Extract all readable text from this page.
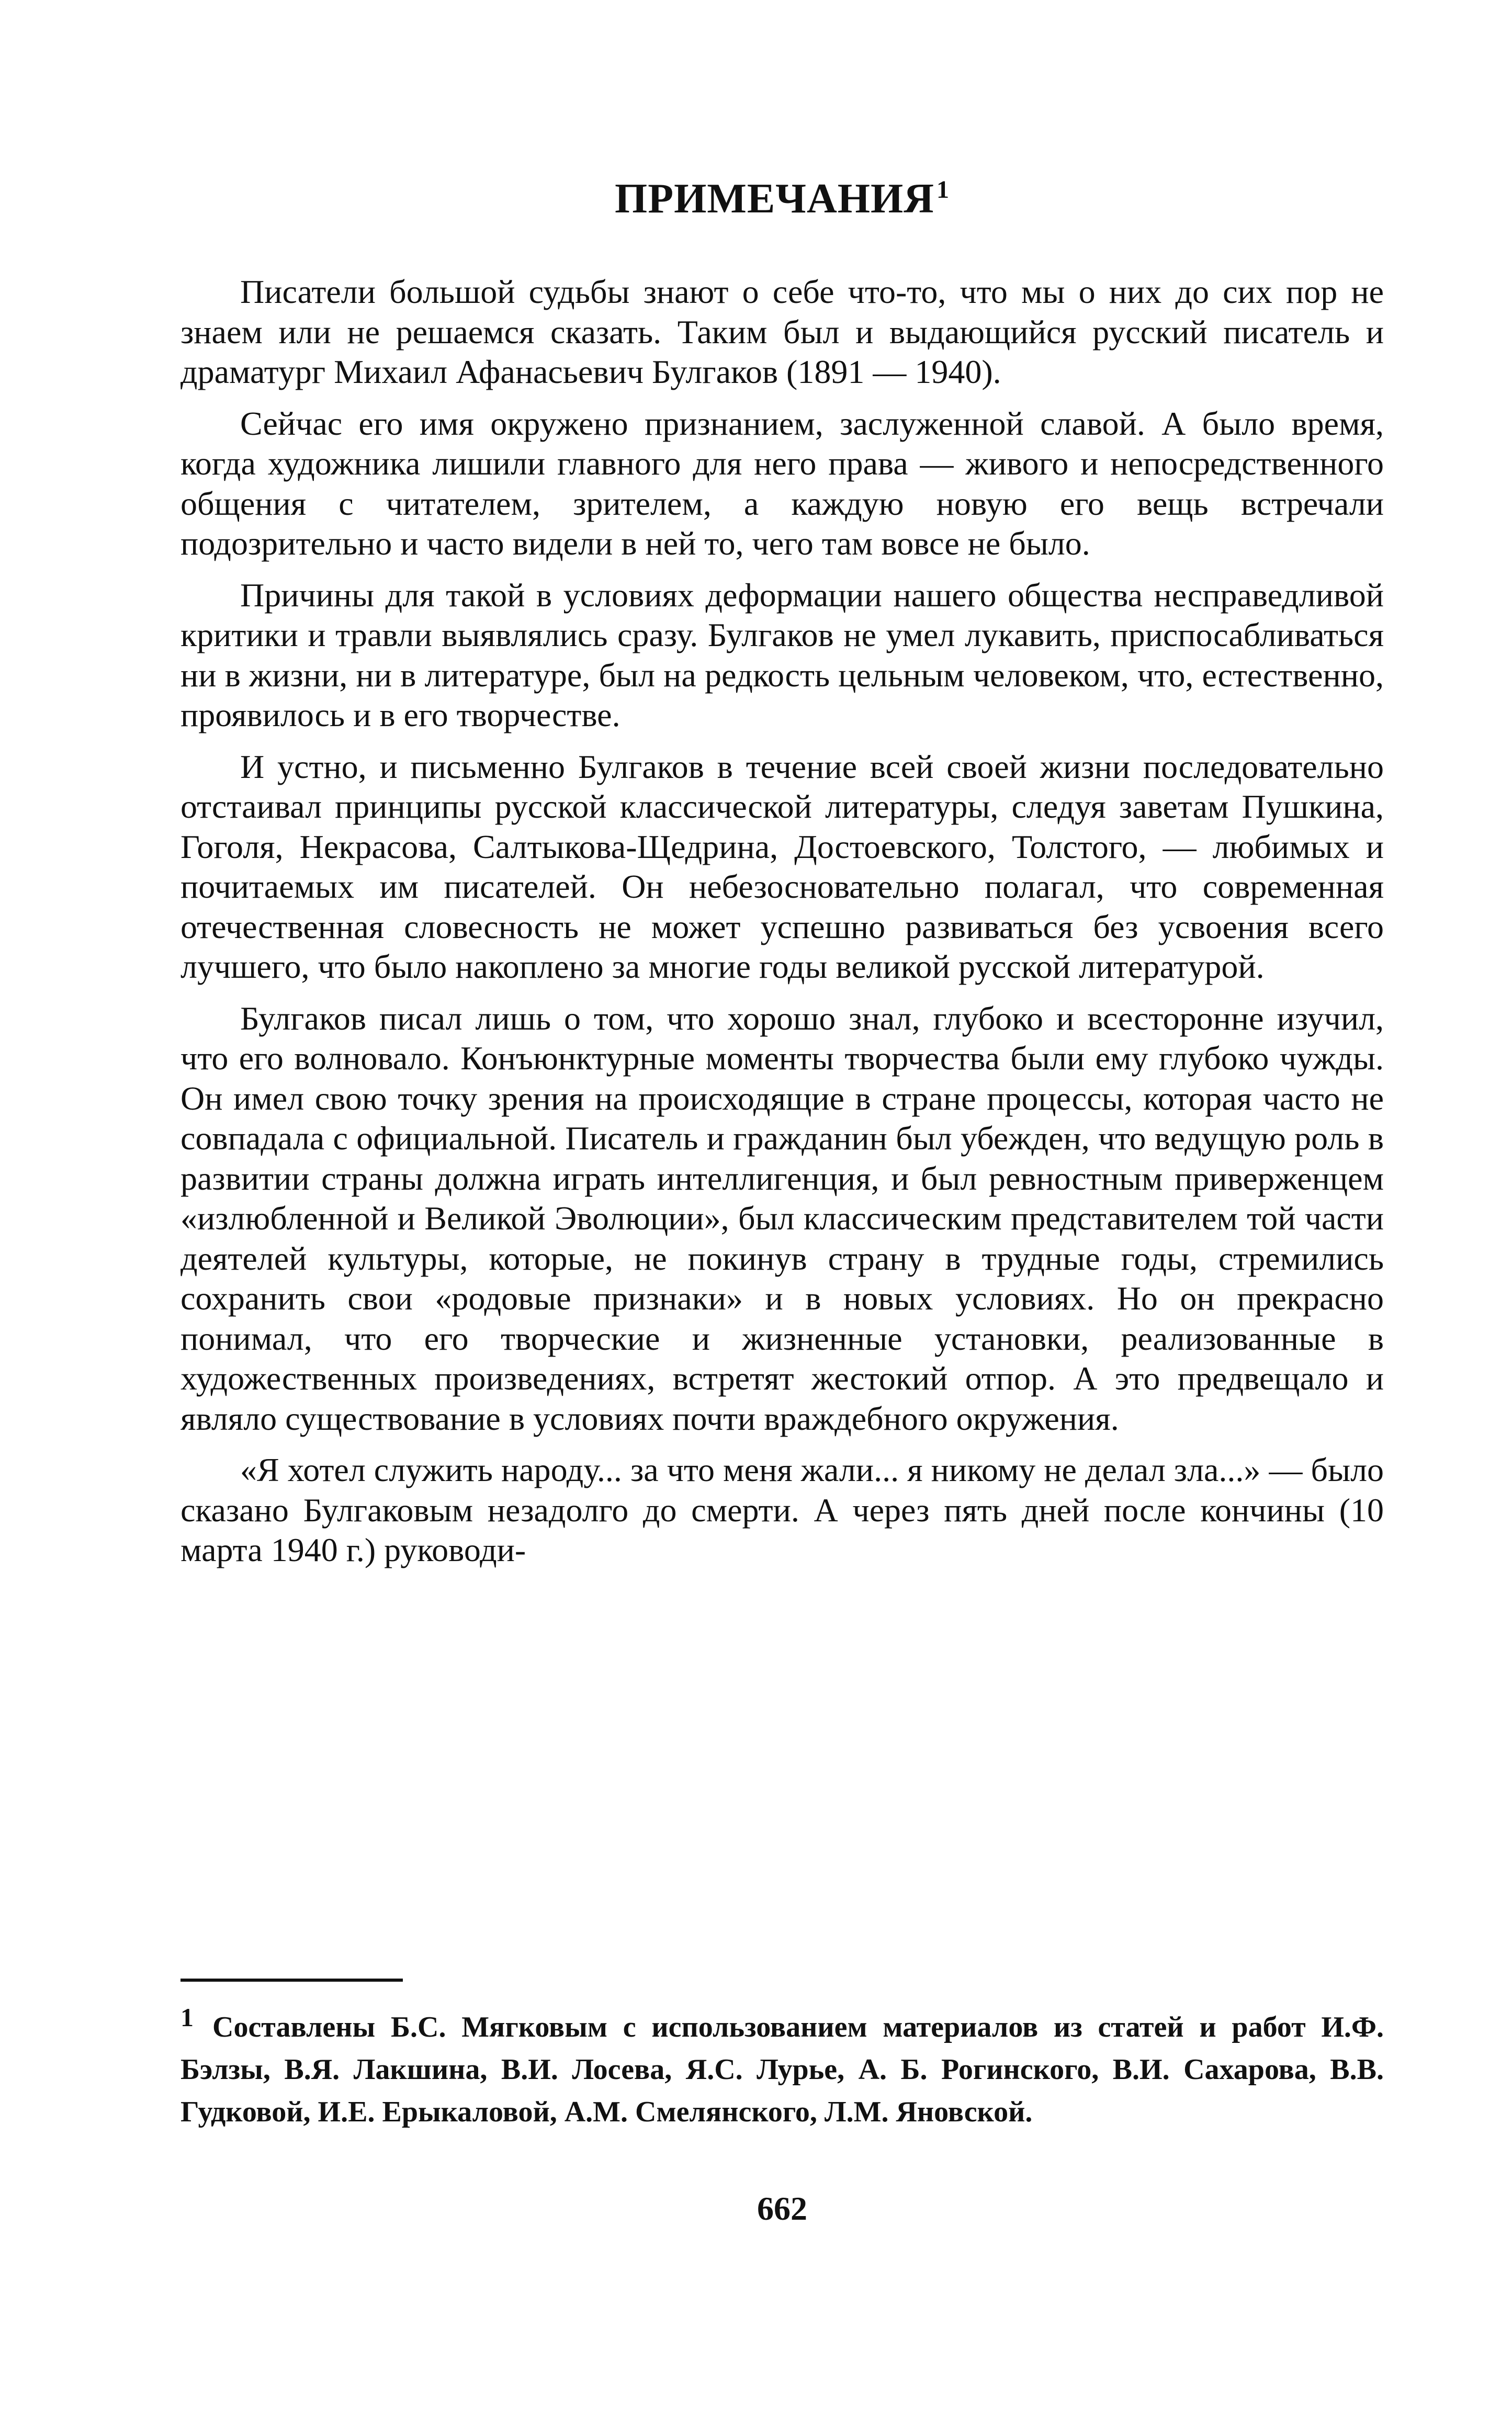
ПРИМЕЧАНИЯ$^1$

Писатели большой судьбы знают о себе что-то, что мы о них до сих пор не знаем или не решаемся сказать. Таким был и выдающийся русский писатель и драматург Михаил Афанасьевич Булгаков (1891 — 1940).

Сейчас его имя окружено признанием, заслуженной славой. А было время, когда художника лишили главного для него права — живого и непосредственного общения с читателем, зрителем, а каждую новую его вещь встречали подозрительно и часто видели в ней то, чего там вовсе не было.

Причины для такой в условиях деформации нашего общества несправедливой критики и травли выявлялись сразу. Булгаков не умел лукавить, приспосабливаться ни в жизни, ни в литературе, был на редкость цельным человеком, что, естественно, проявилось и в его творчестве.

И устно, и письменно Булгаков в течение всей своей жизни последовательно отстаивал принципы русской классической литературы, следуя заветам Пушкина, Гоголя, Некрасова, Салтыкова-Щедрина, Достоевского, Толстого, — любимых и почитаемых им писателей. Он небезосновательно полагал, что современная отечественная словесность не может успешно развиваться без усвоения всего лучшего, что было накоплено за многие годы великой русской литературой.

Булгаков писал лишь о том, что хорошо знал, глубоко и всесторонне изучил, что его волновало. Конъюнктурные моменты творчества были ему глубоко чужды. Он имел свою точку зрения на происходящие в стране процессы, которая часто не совпадала с официальной. Писатель и гражданин был убежден, что ведущую роль в развитии страны должна играть интеллигенция, и был ревностным приверженцем «излюбленной и Великой Эволюции», был классическим представителем той части деятелей культуры, которые, не покинув страну в трудные годы, стремились сохранить свои «родовые признаки» и в новых условиях. Но он прекрасно понимал, что его творческие и жизненные установки, реализованные в художественных произведениях, встретят жестокий отпор. А это предвещало и являло существование в условиях почти враждебного окружения.

«Я хотел служить народу... за что меня жали... я никому не делал зла...» — было сказано Булгаковым незадолго до смерти. А через пять дней после кончины (10 марта 1940 г.) руководи-

1 Составлены Б.С. Мягковым с использованием материалов из статей и работ И.Ф. Бэлзы, В.Я. Лакшина, В.И. Лосева, Я.С. Лурье, А. Б. Рогинского, В.И. Сахарова, В.В. Гудковой, И.Е. Ерыкаловой, А.М. Смелянского, Л.М. Яновской.
662
